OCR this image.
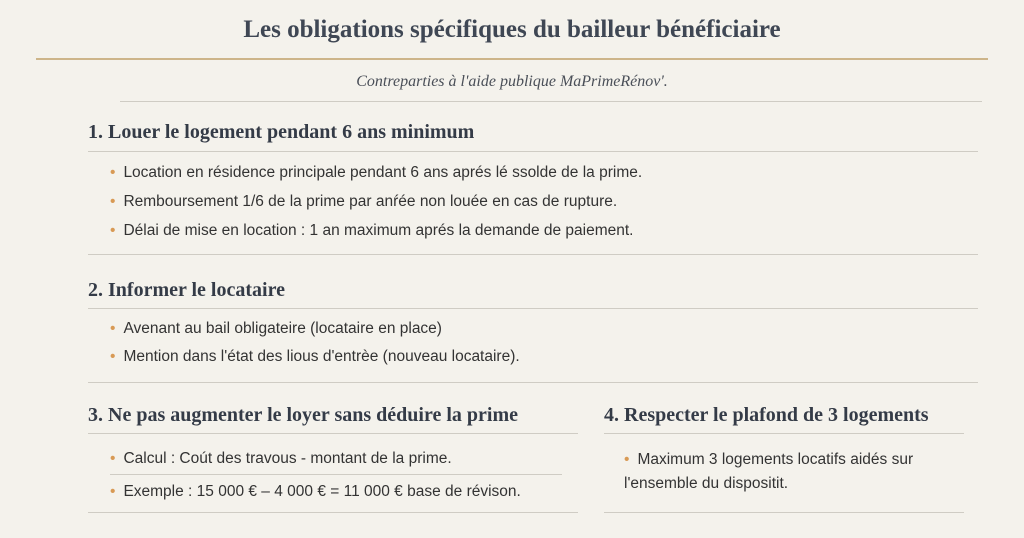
Les obligations spécifiques du bailleur bénéficiaire
Contreparties à l'aide publique MaPrimeRénov'.
1. Louer le logement pendant 6 ans minimum
• Location en résidence principale pendant 6 ans aprés lé ssolde de la prime.
• Remboursement 1/6 de la prime par anŕée non louée en cas de rupture.
• Délai de mise en location : 1 an maximum aprés la demande de paiement.
2. Informer le locataire
• Avenant au bail obligateire (locataire en place)
• Mention dans l'état des lious d'entrèe (nouveau locataire).
3. Ne pas augmenter le loyer sans déduire la prime
• Calcul : Coút des travous - montant de la prime.
• Exemple : 15 000 € – 4 000 € = 11 000 € base de révison.
4. Respecter le plafond de 3 logements
• Maximum 3 logements locatifs aidés sur l'ensemble du dispositit.
